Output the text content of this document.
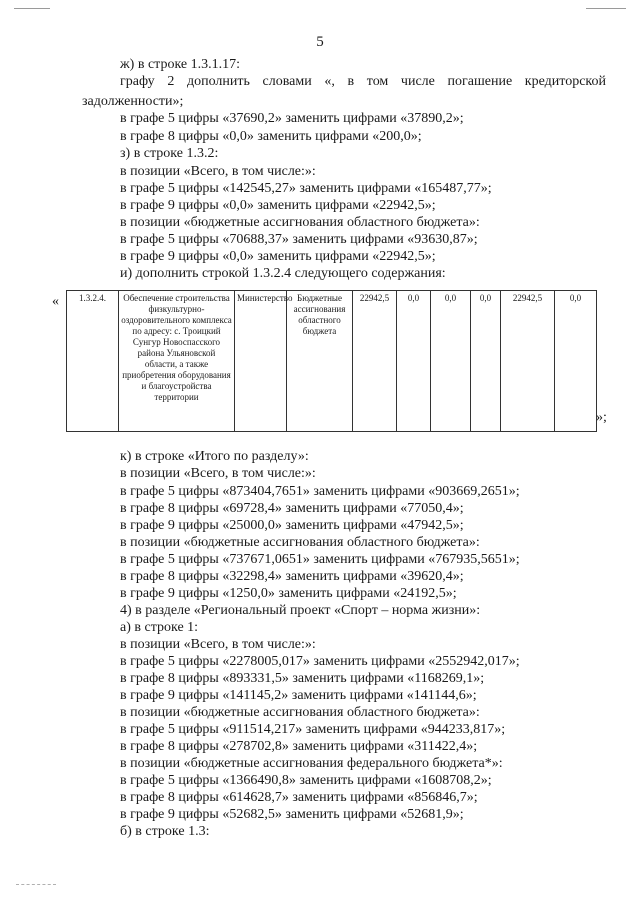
5
ж) в строке 1.3.1.17:
графу 2 дополнить словами «, в том числе погашение кредиторской
задолженности»;
в графе 5 цифры «37690,2» заменить цифрами «37890,2»;
в графе 8 цифры «0,0» заменить цифрами «200,0»;
з) в строке 1.3.2:
в позиции «Всего, в том числе:»:
в графе 5 цифры «142545,27» заменить цифрами «165487,77»;
в графе 9 цифры «0,0» заменить цифрами «22942,5»;
в позиции «бюджетные ассигнования областного бюджета»:
в графе 5 цифры «70688,37» заменить цифрами «93630,87»;
в графе 9 цифры «0,0» заменить цифрами «22942,5»;
и) дополнить строкой 1.3.2.4 следующего содержания:
« 1.3.2.4.	Обеспечение строительства физкультурно-оздоровительного комплекса по адресу: с. Троицкий Сунгур Новоспасского района Ульяновской области, а также приобретения оборудования и благоустройства территории	Министерство	Бюджетные ассигнования областного бюджета	22942,5	0,0	0,0	0,0	22942,5	0,0
»;
к) в строке «Итого по разделу»:
в позиции «Всего, в том числе:»:
в графе 5 цифры «873404,7651» заменить цифрами «903669,2651»;
в графе 8 цифры «69728,4» заменить цифрами «77050,4»;
в графе 9 цифры «25000,0» заменить цифрами «47942,5»;
в позиции «бюджетные ассигнования областного бюджета»:
в графе 5 цифры «737671,0651» заменить цифрами «767935,5651»;
в графе 8 цифры «32298,4» заменить цифрами «39620,4»;
в графе 9 цифры «1250,0» заменить цифрами «24192,5»;
4) в разделе «Региональный проект «Спорт – норма жизни»:
а) в строке 1:
в позиции «Всего, в том числе:»:
в графе 5 цифры «2278005,017» заменить цифрами «2552942,017»;
в графе 8 цифры «893331,5» заменить цифрами «1168269,1»;
в графе 9 цифры «141145,2» заменить цифрами «141144,6»;
в позиции «бюджетные ассигнования областного бюджета»:
в графе 5 цифры «911514,217» заменить цифрами «944233,817»;
в графе 8 цифры «278702,8» заменить цифрами «311422,4»;
в позиции «бюджетные ассигнования федерального бюджета*»:
в графе 5 цифры «1366490,8» заменить цифрами «1608708,2»;
в графе 8 цифры «614628,7» заменить цифрами «856846,7»;
в графе 9 цифры «52682,5» заменить цифрами «52681,9»;
б) в строке 1.3:
